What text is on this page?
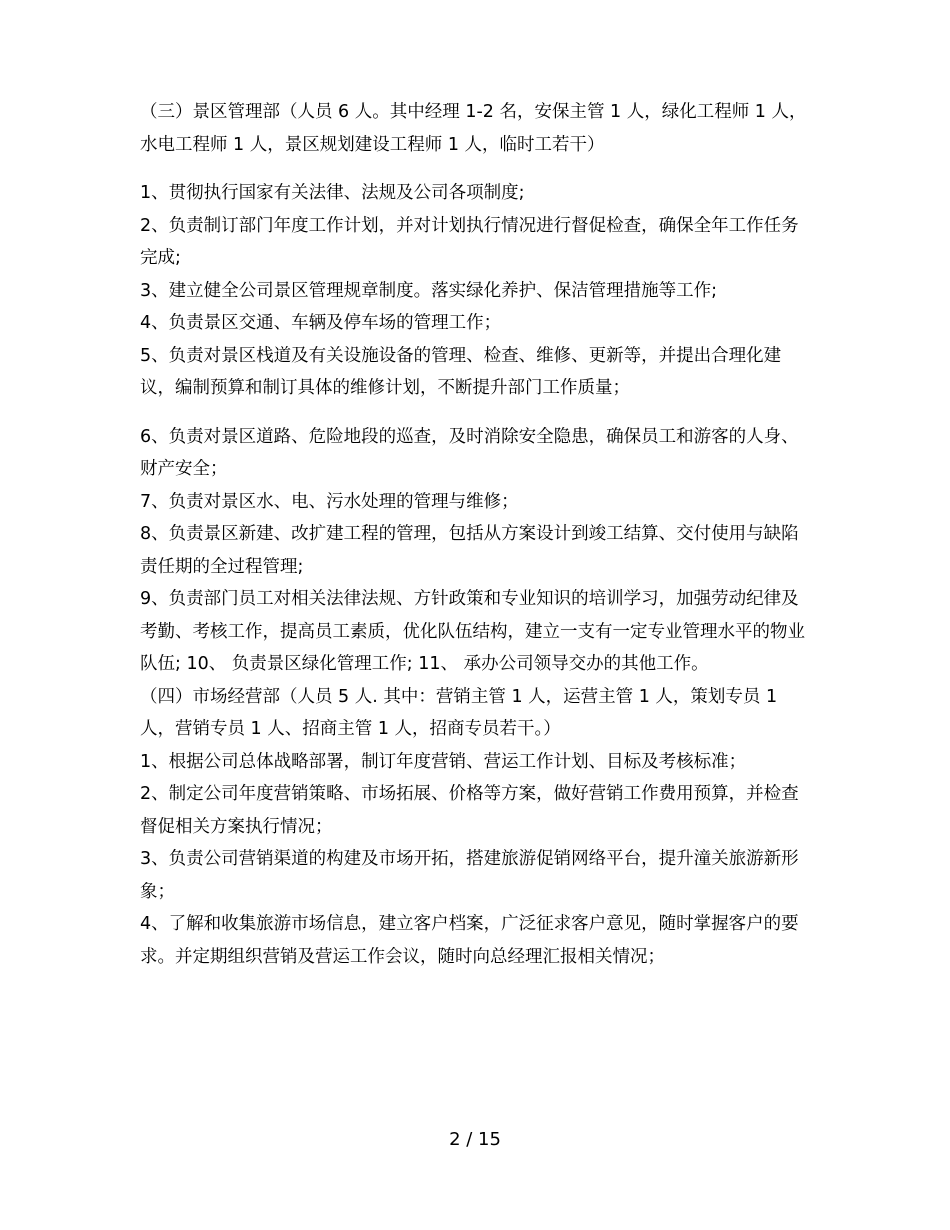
（三）景区管理部（人员 6 人。其中经理 1-2 名，安保主管 1 人，绿化工程师 1 人，水电工程师 1 人，景区规划建设工程师 1 人，临时工若干）

1、贯彻执行国家有关法律、法规及公司各项制度;

2、负责制订部门年度工作计划，并对计划执行情况进行督促检查，确保全年工作任务完成;

3、建立健全公司景区管理规章制度。落实绿化养护、保洁管理措施等工作;

4、负责景区交通、车辆及停车场的管理工作；

5、负责对景区栈道及有关设施设备的管理、检查、维修、更新等，并提出合理化建议，编制预算和制订具体的维修计划，不断提升部门工作质量；

6、负责对景区道路、危险地段的巡查，及时消除安全隐患，确保员工和游客的人身、财产安全；

7、负责对景区水、电、污水处理的管理与维修；

8、负责景区新建、改扩建工程的管理，包括从方案设计到竣工结算、交付使用与缺陷责任期的全过程管理;

9、负责部门员工对相关法律法规、方针政策和专业知识的培训学习，加强劳动纪律及考勤、考核工作，提高员工素质，优化队伍结构，建立一支有一定专业管理水平的物业队伍; 10、 负责景区绿化管理工作; 11、 承办公司领导交办的其他工作。

（四）市场经营部（人员 5 人. 其中：营销主管 1 人，运营主管 1 人，策划专员 1 人，营销专员 1 人、招商主管 1 人，招商专员若干。）

1、根据公司总体战略部署，制订年度营销、营运工作计划、目标及考核标准；

2、制定公司年度营销策略、市场拓展、价格等方案，做好营销工作费用预算，并检查督促相关方案执行情况；

3、负责公司营销渠道的构建及市场开拓，搭建旅游促销网络平台，提升潼关旅游新形象；

4、了解和收集旅游市场信息，建立客户档案，广泛征求客户意见，随时掌握客户的要求。并定期组织营销及营运工作会议，随时向总经理汇报相关情况；

2 / 15
